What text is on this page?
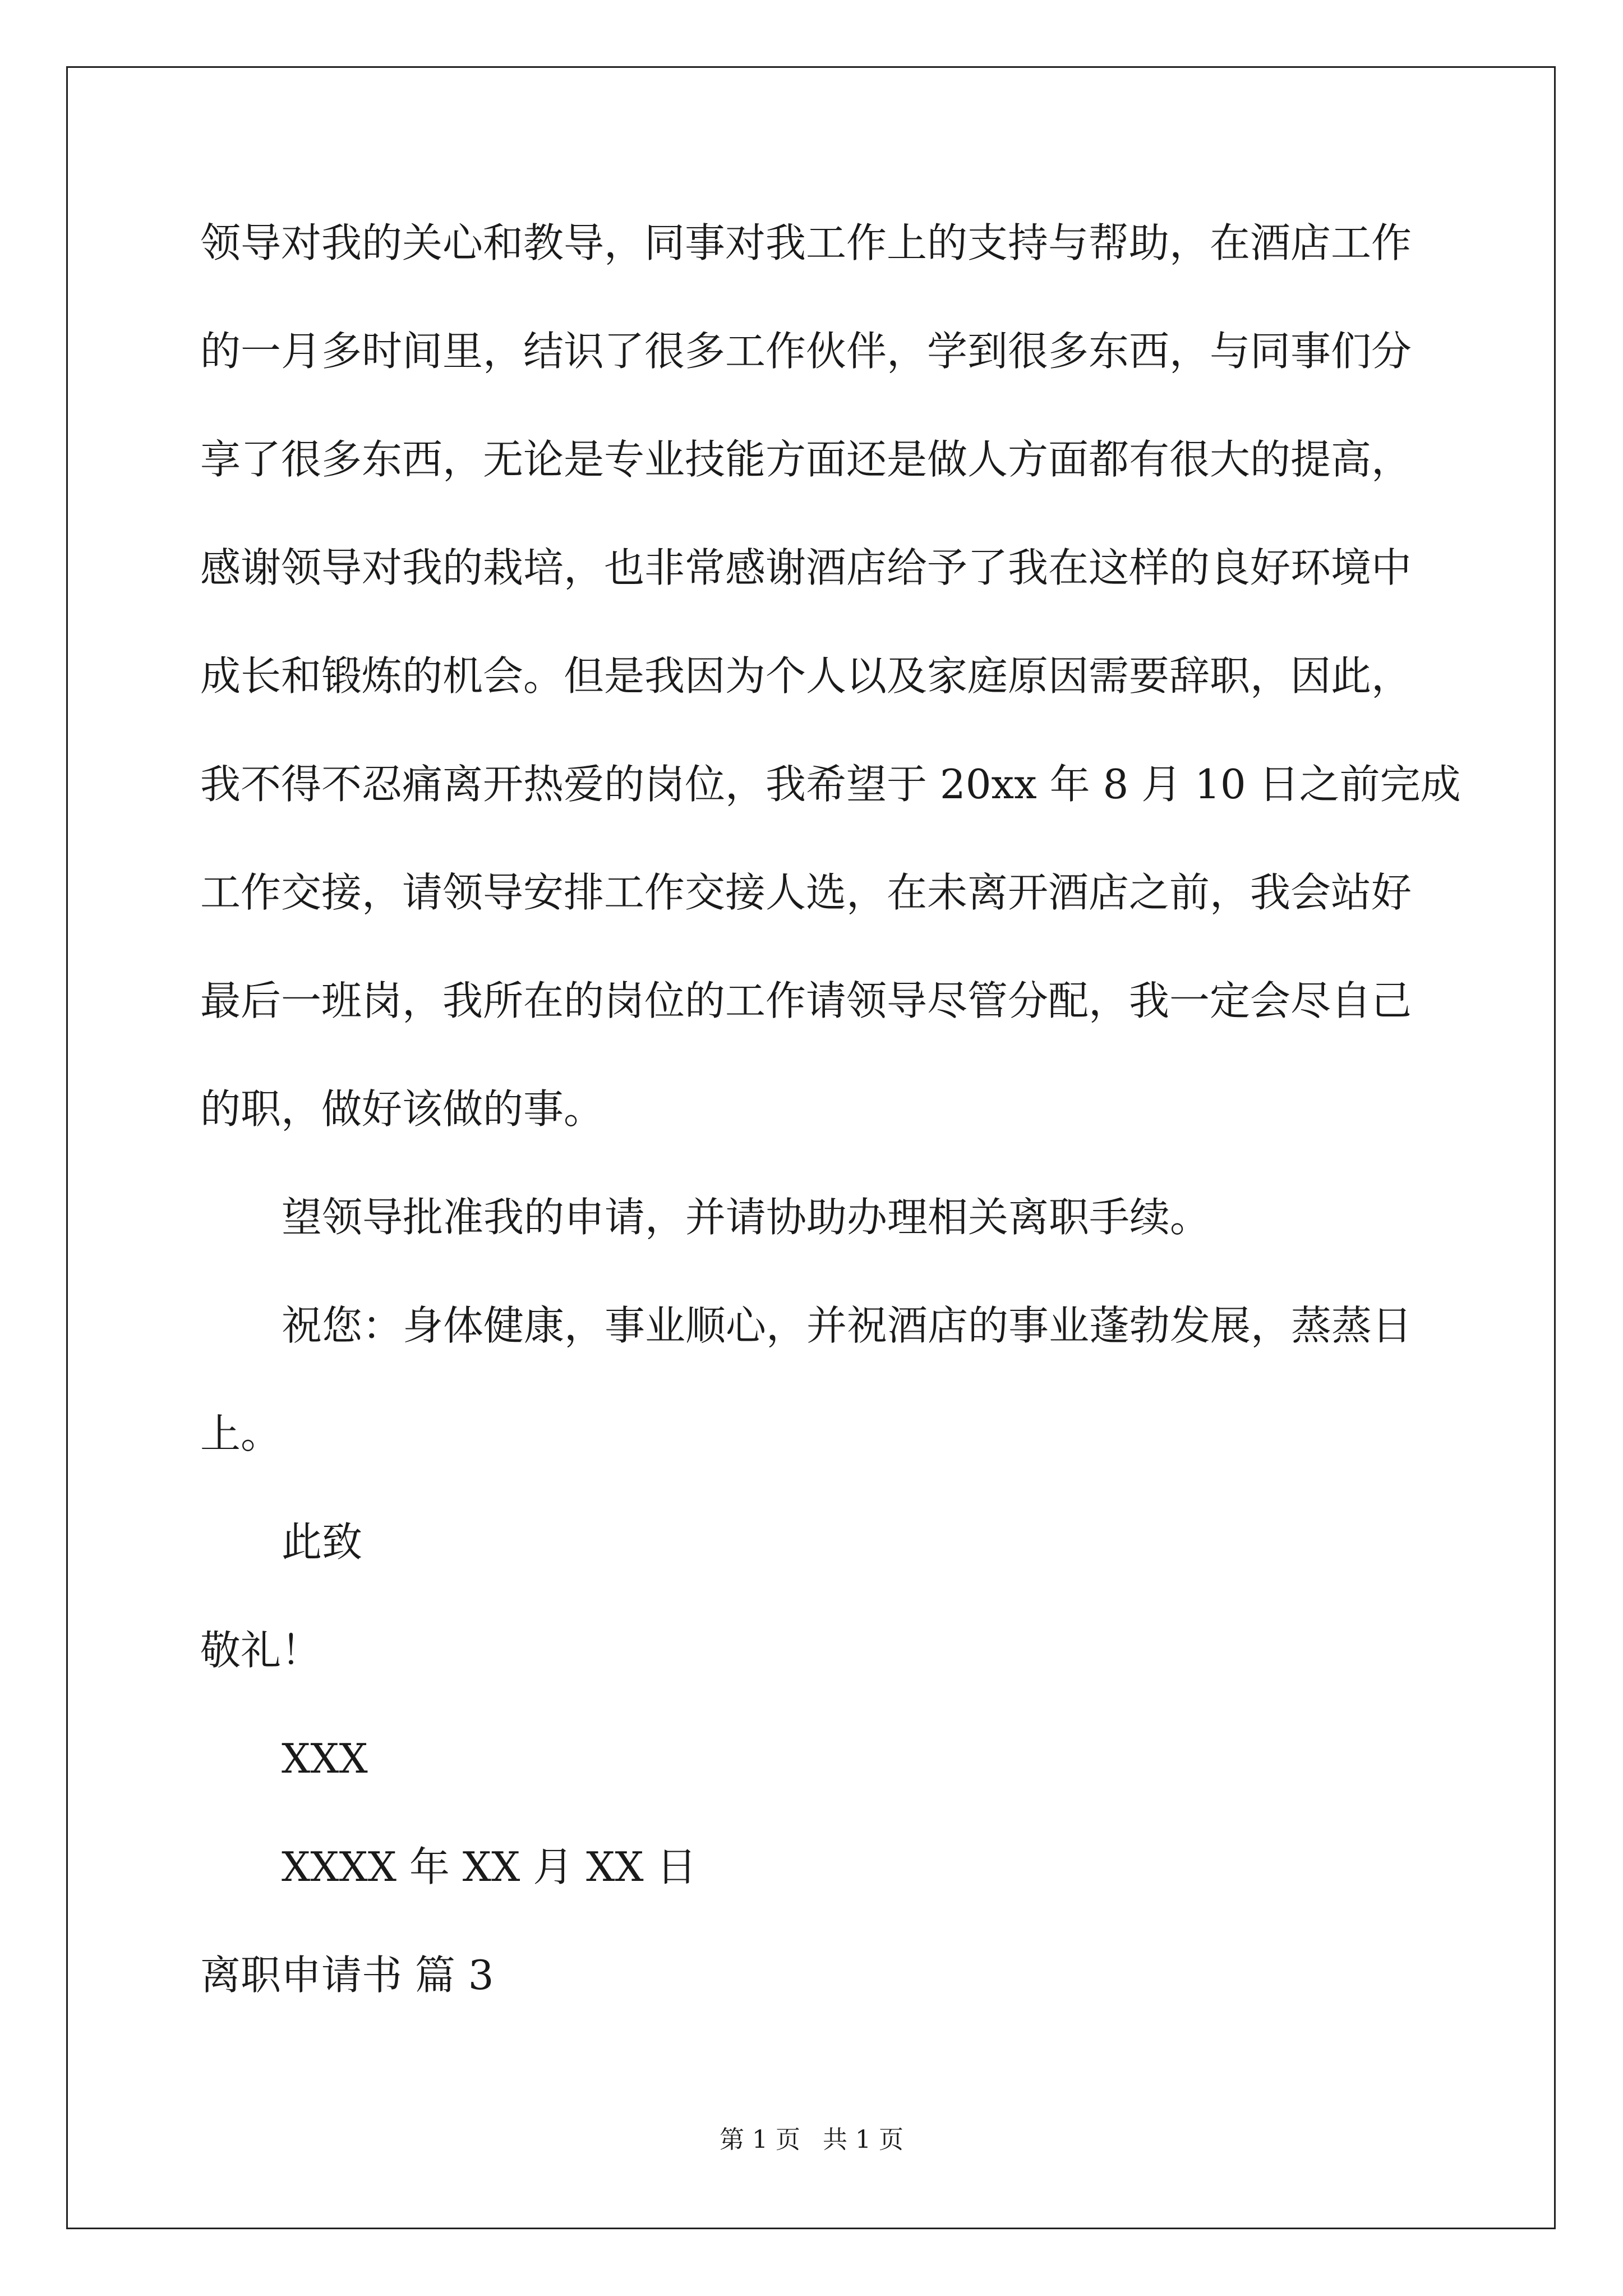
领导对我的关心和教导，同事对我工作上的支持与帮助，在酒店工作
的一月多时间里，结识了很多工作伙伴，学到很多东西，与同事们分
享了很多东西，无论是专业技能方面还是做人方面都有很大的提高，
感谢领导对我的栽培，也非常感谢酒店给予了我在这样的良好环境中
成长和锻炼的机会。但是我因为个人以及家庭原因需要辞职，因此，
我不得不忍痛离开热爱的岗位，我希望于 20xx 年 8 月 10 日之前完成
工作交接，请领导安排工作交接人选，在未离开酒店之前，我会站好
最后一班岗，我所在的岗位的工作请领导尽管分配，我一定会尽自己
的职，做好该做的事。
望领导批准我的申请，并请协助办理相关离职手续。
祝您：身体健康，事业顺心，并祝酒店的事业蓬勃发展，蒸蒸日
上。
此致
敬礼！
XXX
XXXX 年 XX 月 XX 日
离职申请书 篇 3
第 1 页 共 1 页
